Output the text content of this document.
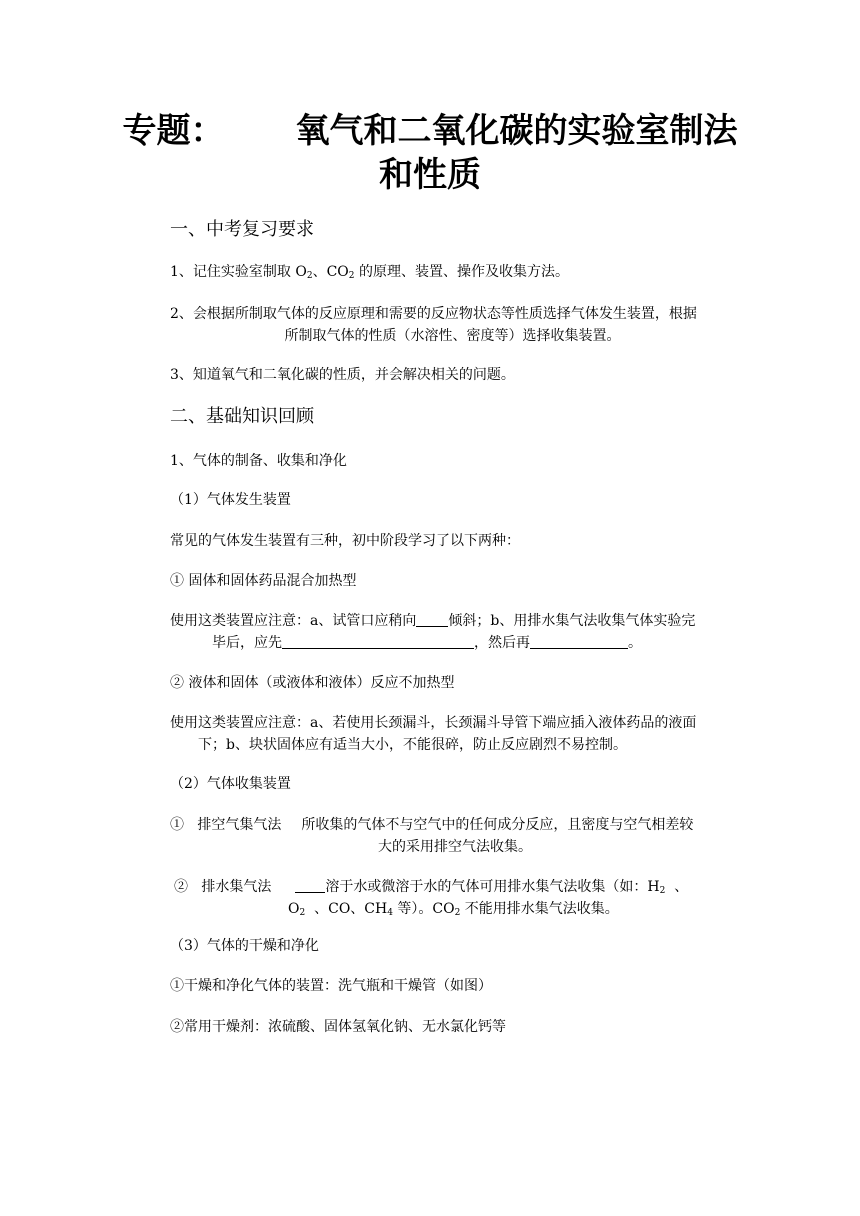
专题：      氧气和二氧化碳的实验室制法
和性质
一、中考复习要求
1、记住实验室制取 $O_2$、$CO_2$ 的原理、装置、操作及收集方法。
2、会根据所制取气体的反应原理和需要的反应物状态等性质选择气体发生装置，根据
所制取气体的性质（水溶性、密度等）选择收集装置。
3、知道氧气和二氧化碳的性质，并会解决相关的问题。
二、基础知识回顾
1、气体的制备、收集和净化
（1）气体发生装置
常见的气体发生装置有三种，初中阶段学习了以下两种：
① 固体和固体药品混合加热型
使用这类装置应注意：a、试管口应稍向 倾斜；b、用排水集气法收集气体实验完
毕后，应先	，然后再	。
② 液体和固体（或液体和液体）反应不加热型
使用这类装置应注意：a、若使用长颈漏斗，长颈漏斗导管下端应插入液体药品的液面
下；b、块状固体应有适当大小，不能很碎，防止反应剧烈不易控制。
（2）气体收集装置
①   排空气集气法 所收集的气体不与空气中的任何成分反应，且密度与空气相差较
大的采用排空气法收集。
②   排水集气法	溶于水或微溶于水的气体可用排水集气法收集（如：$H_2$  、
$O_2$  、CO、$CH_4$ 等）。$CO_2$ 不能用排水集气法收集。
（3）气体的干燥和净化
①干燥和净化气体的装置：洗气瓶和干燥管（如图）
②常用干燥剂：浓硫酸、固体氢氧化钠、无水氯化钙等
